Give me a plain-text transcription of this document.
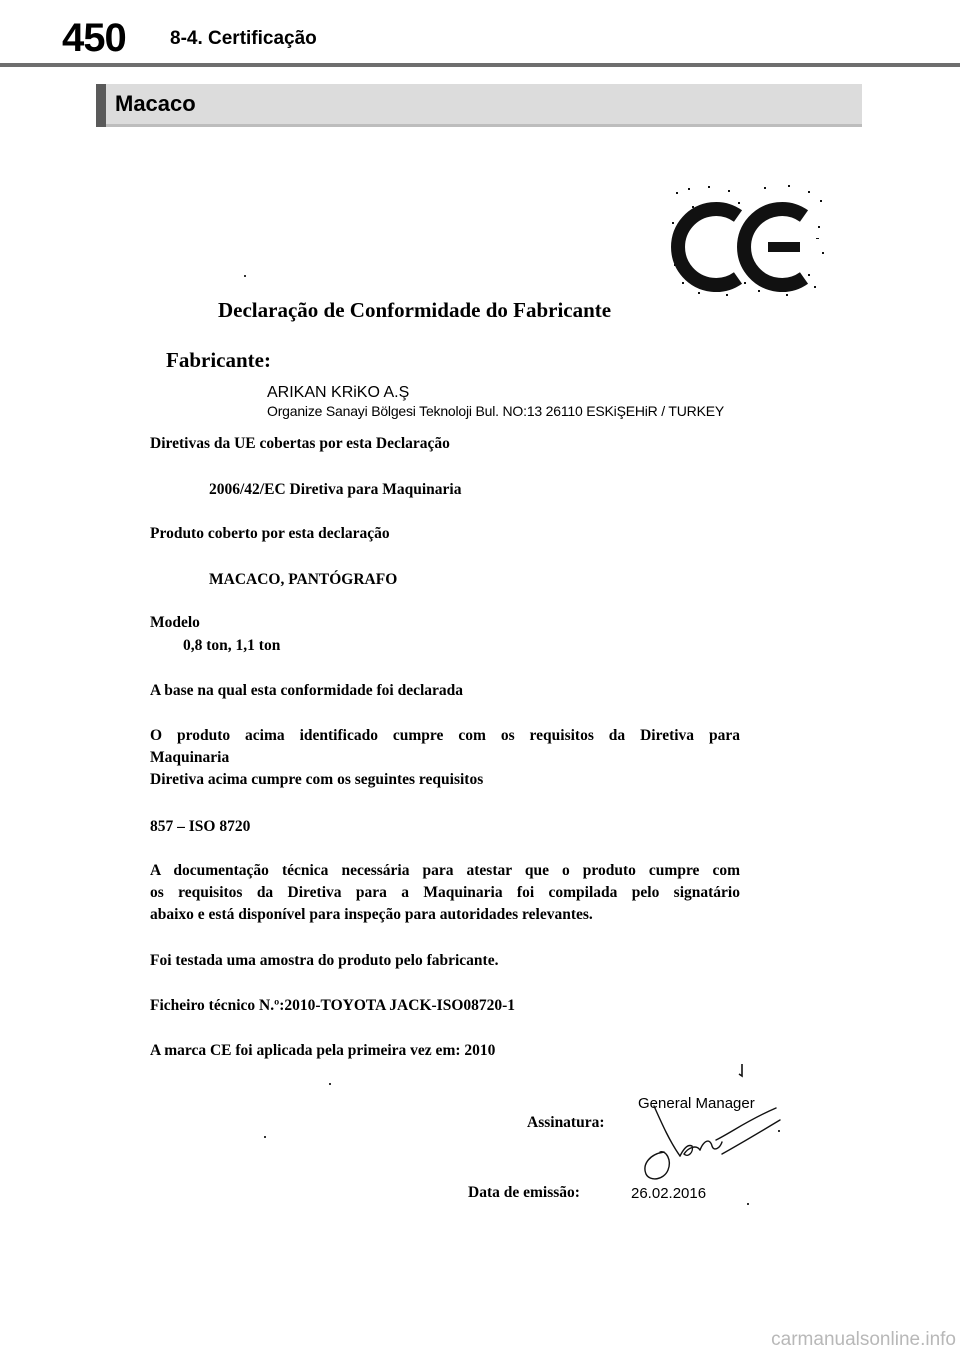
450 8-4. Certificação
Macaco
Declaração de Conformidade do Fabricante
Fabricante:
ARIKAN KRiKO A.Ş
Organize Sanayi Bölgesi Teknoloji Bul. NO:13 26110 ESKiŞEHiR / TURKEY
Diretivas da UE cobertas por esta Declaração
2006/42/EC Diretiva para Maquinaria
Produto coberto por esta declaração
MACACO, PANTÓGRAFO
Modelo
0,8 ton, 1,1 ton
A base na qual esta conformidade foi declarada
O produto acima identificado cumpre com os requisitos da Diretiva para
Maquinaria
Diretiva acima cumpre com os seguintes requisitos
857 – ISO 8720
A documentação técnica necessária para atestar que o produto cumpre com
os requisitos da Diretiva para a Maquinaria foi compilada pelo signatário
abaixo e está disponível para inspeção para autoridades relevantes.
Foi testada uma amostra do produto pelo fabricante.
Ficheiro técnico N.º:2010-TOYOTA JACK-ISO08720-1
A marca CE foi aplicada pela primeira vez em: 2010
Assinatura:
General Manager
Data de emissão:	26.02.2016
carmanualsonline.info
